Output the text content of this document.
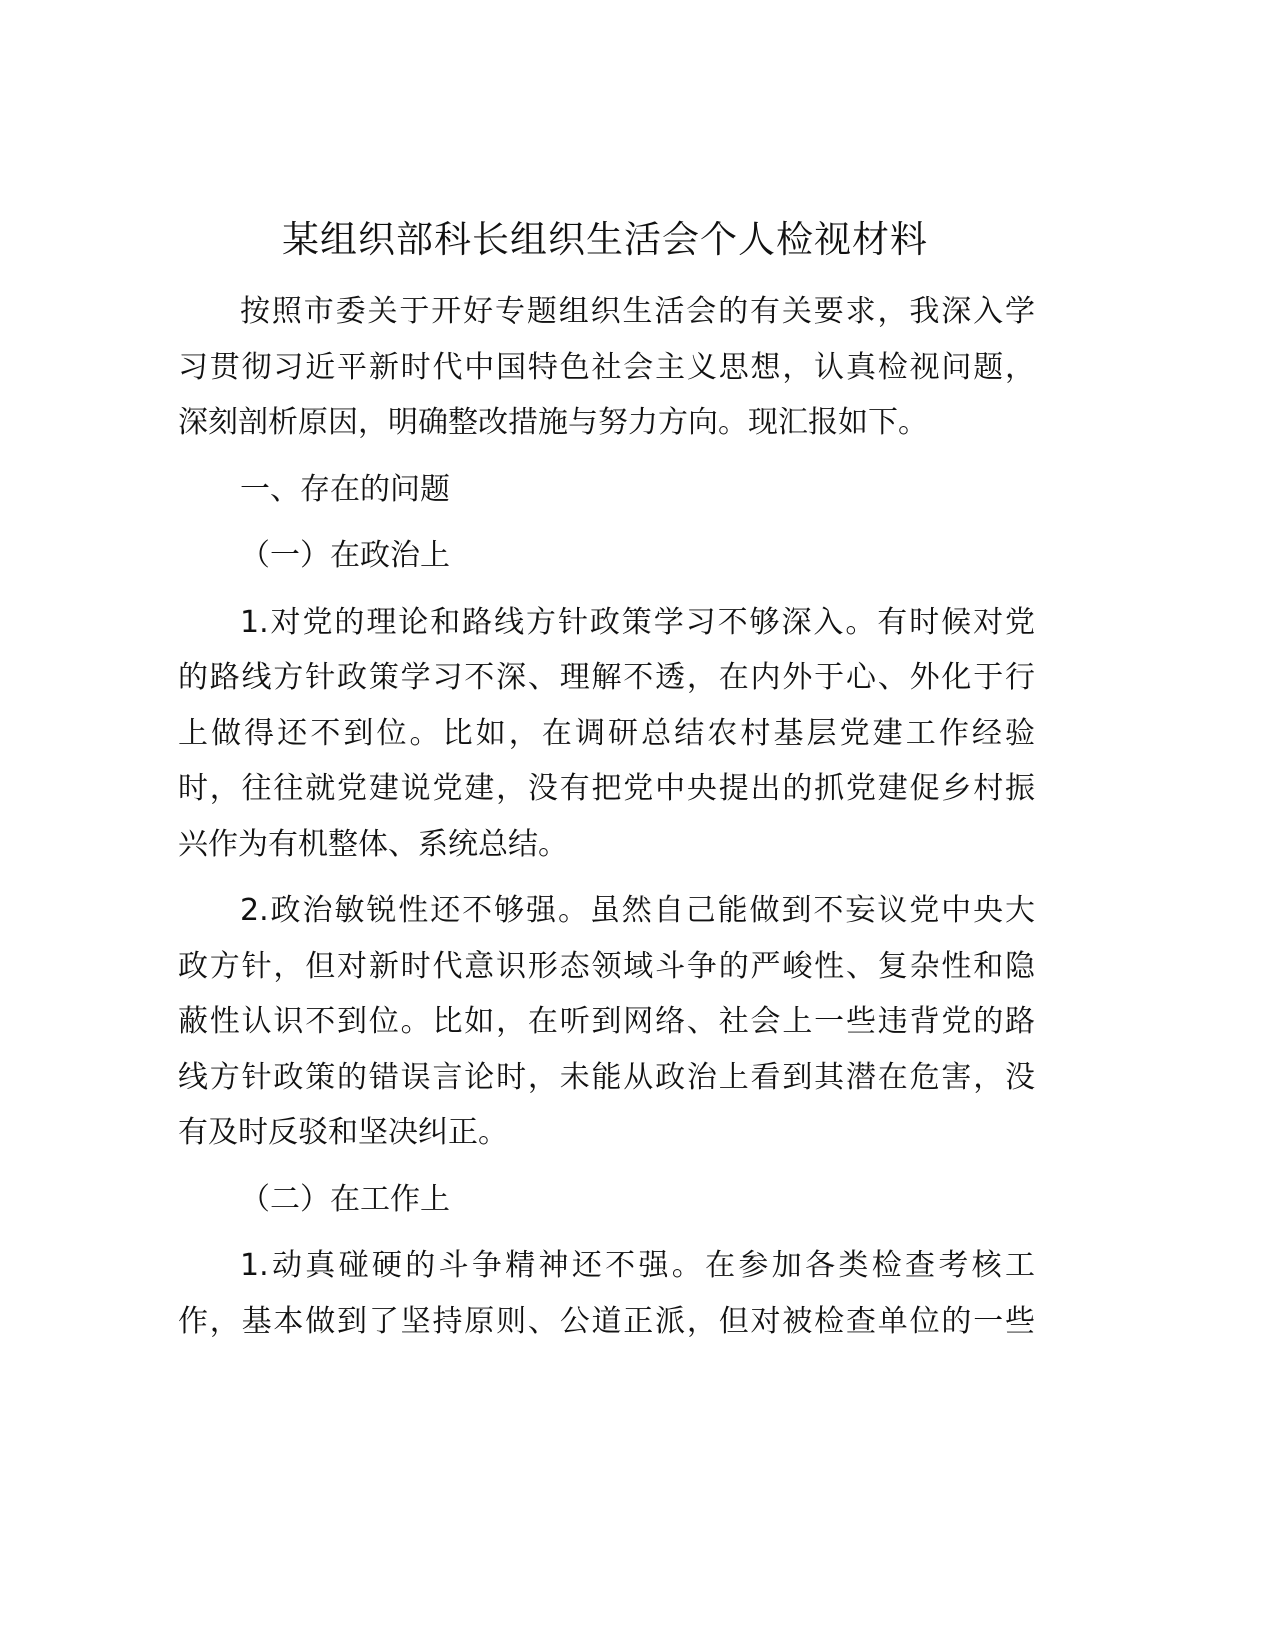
某组织部科长组织生活会个人检视材料
按照市委关于开好专题组织生活会的有关要求，我深入学
习贯彻习近平新时代中国特色社会主义思想，认真检视问题，
深刻剖析原因，明确整改措施与努力方向。现汇报如下。
一、存在的问题
（一）在政治上
1.对党的理论和路线方针政策学习不够深入。有时候对党
的路线方针政策学习不深、理解不透，在内外于心、外化于行
上做得还不到位。比如，在调研总结农村基层党建工作经验
时，往往就党建说党建，没有把党中央提出的抓党建促乡村振
兴作为有机整体、系统总结。
2.政治敏锐性还不够强。虽然自己能做到不妄议党中央大
政方针，但对新时代意识形态领域斗争的严峻性、复杂性和隐
蔽性认识不到位。比如，在听到网络、社会上一些违背党的路
线方针政策的错误言论时，未能从政治上看到其潜在危害，没
有及时反驳和坚决纠正。
（二）在工作上
1.动真碰硬的斗争精神还不强。在参加各类检查考核工
作，基本做到了坚持原则、公道正派，但对被检查单位的一些
